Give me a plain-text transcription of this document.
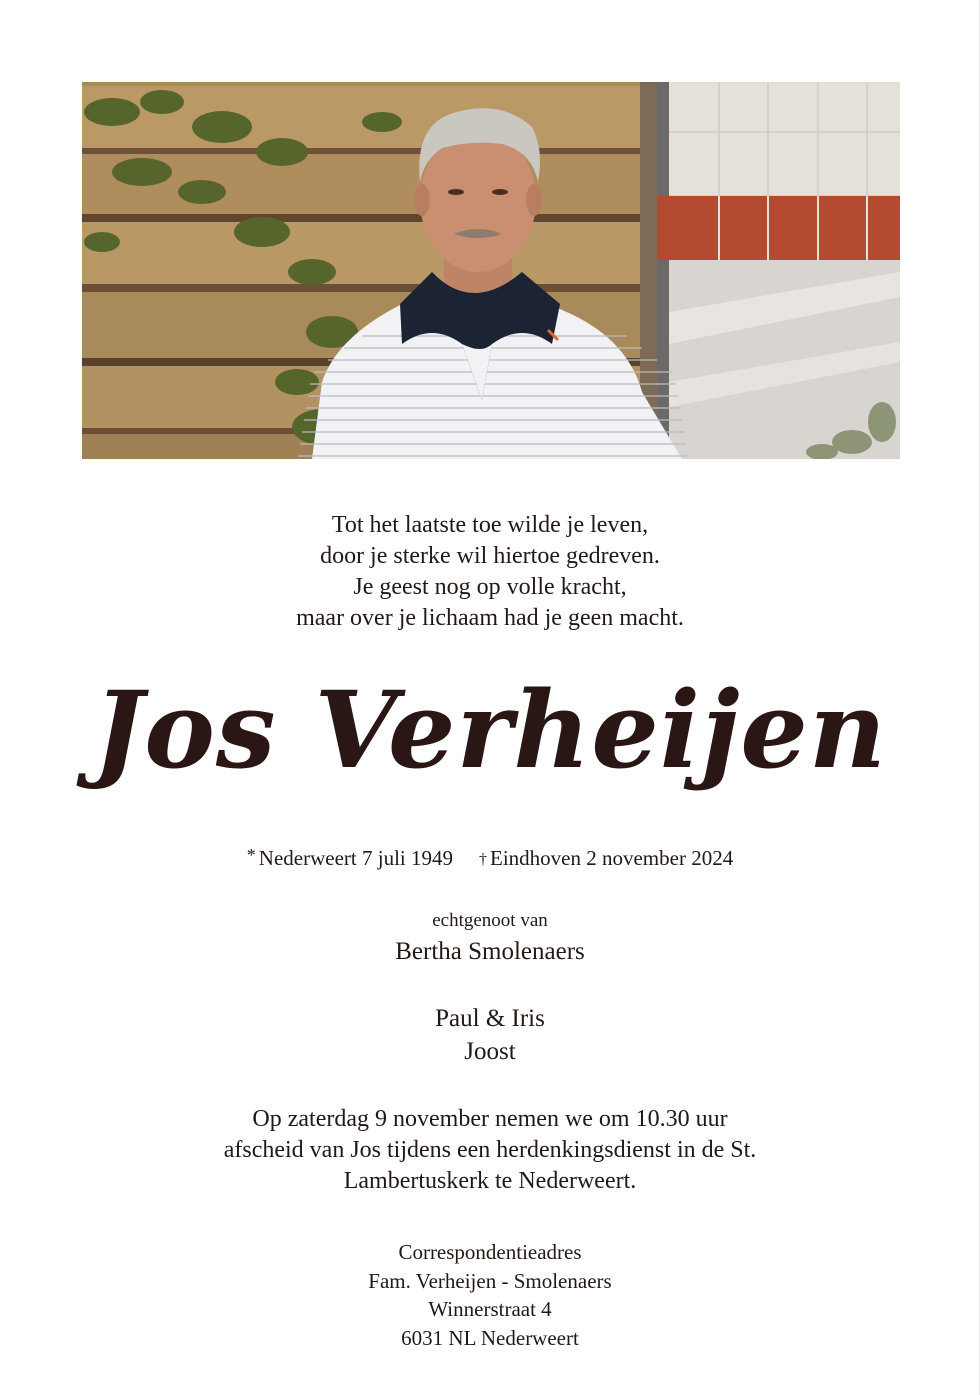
Tot het laatste toe wilde je leven,
door je sterke wil hiertoe gedreven.
Je geest nog op volle kracht,
maar over je lichaam had je geen macht.
Jos Verheijen
* Nederweert 7 juli 1949 † Eindhoven 2 november 2024
echtgenoot van
Bertha Smolenaers
Paul & Iris
Joost
Op zaterdag 9 november nemen we om 10.30 uur
afscheid van Jos tijdens een herdenkingsdienst in de St.
Lambertuskerk te Nederweert.
Correspondentieadres
Fam. Verheijen - Smolenaers
Winnerstraat 4
6031 NL Nederweert
